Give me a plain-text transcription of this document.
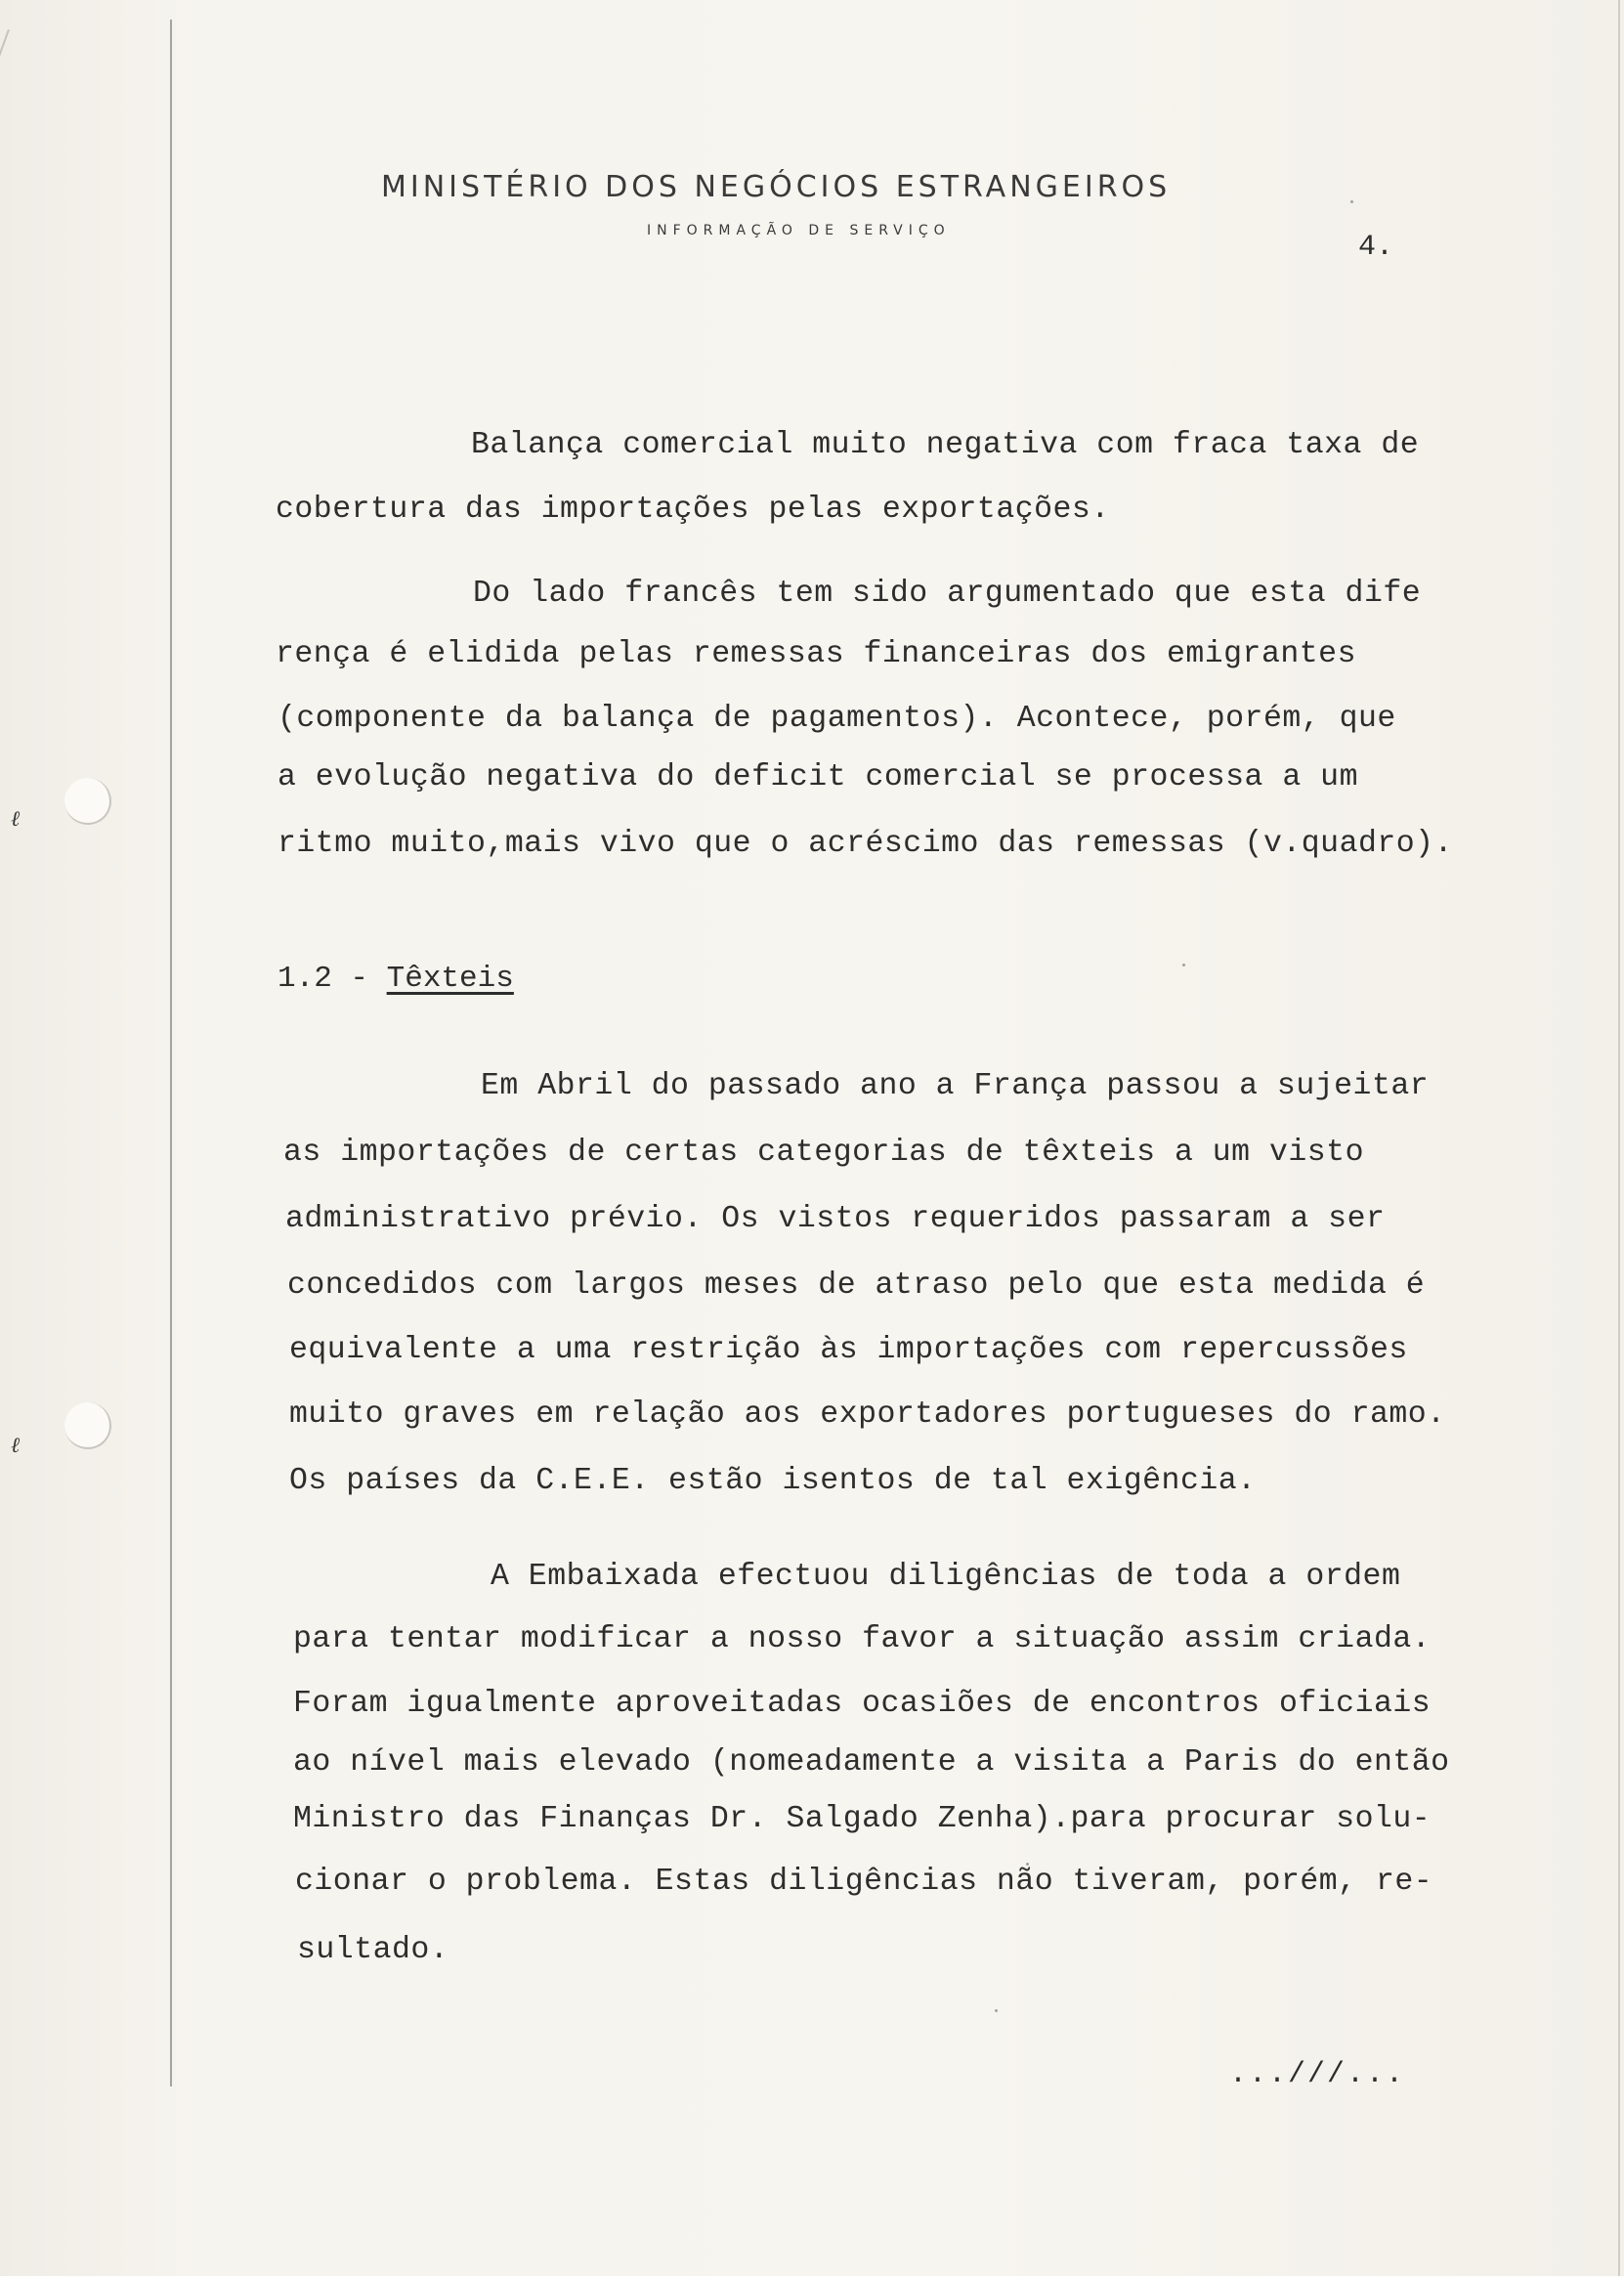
ℓ
ℓ
MINISTÉRIO DOS NEGÓCIOS ESTRANGEIROS
INFORMAÇÃO DE SERVIÇO	4.
Balança comercial muito negativa com fraca taxa de
cobertura das importações pelas exportações.
Do lado francês tem sido argumentado que esta dife
rença é elidida pelas remessas financeiras dos emigrantes
(componente da balança de pagamentos). Acontece, porém, que
a evolução negativa do deficit comercial se processa a um
ritmo muito,mais vivo que o acréscimo das remessas (v.quadro).
1.2 - Têxteis
Em Abril do passado ano a França passou a sujeitar
as importações de certas categorias de têxteis a um visto
administrativo prévio. Os vistos requeridos passaram a ser
concedidos com largos meses de atraso pelo que esta medida é
equivalente a uma restrição às importações com repercussões
muito graves em relação aos exportadores portugueses do ramo.
Os países da C.E.E. estão isentos de tal exigência.
A Embaixada efectuou diligências de toda a ordem
para tentar modificar a nosso favor a situação assim criada.
Foram igualmente aproveitadas ocasiões de encontros oficiais
ao nível mais elevado (nomeadamente a visita a Paris do então
Ministro das Finanças Dr. Salgado Zenha).para procurar solu-
cionar o problema. Estas diligências não tiveram, porém, re-
sultado.
...///...
